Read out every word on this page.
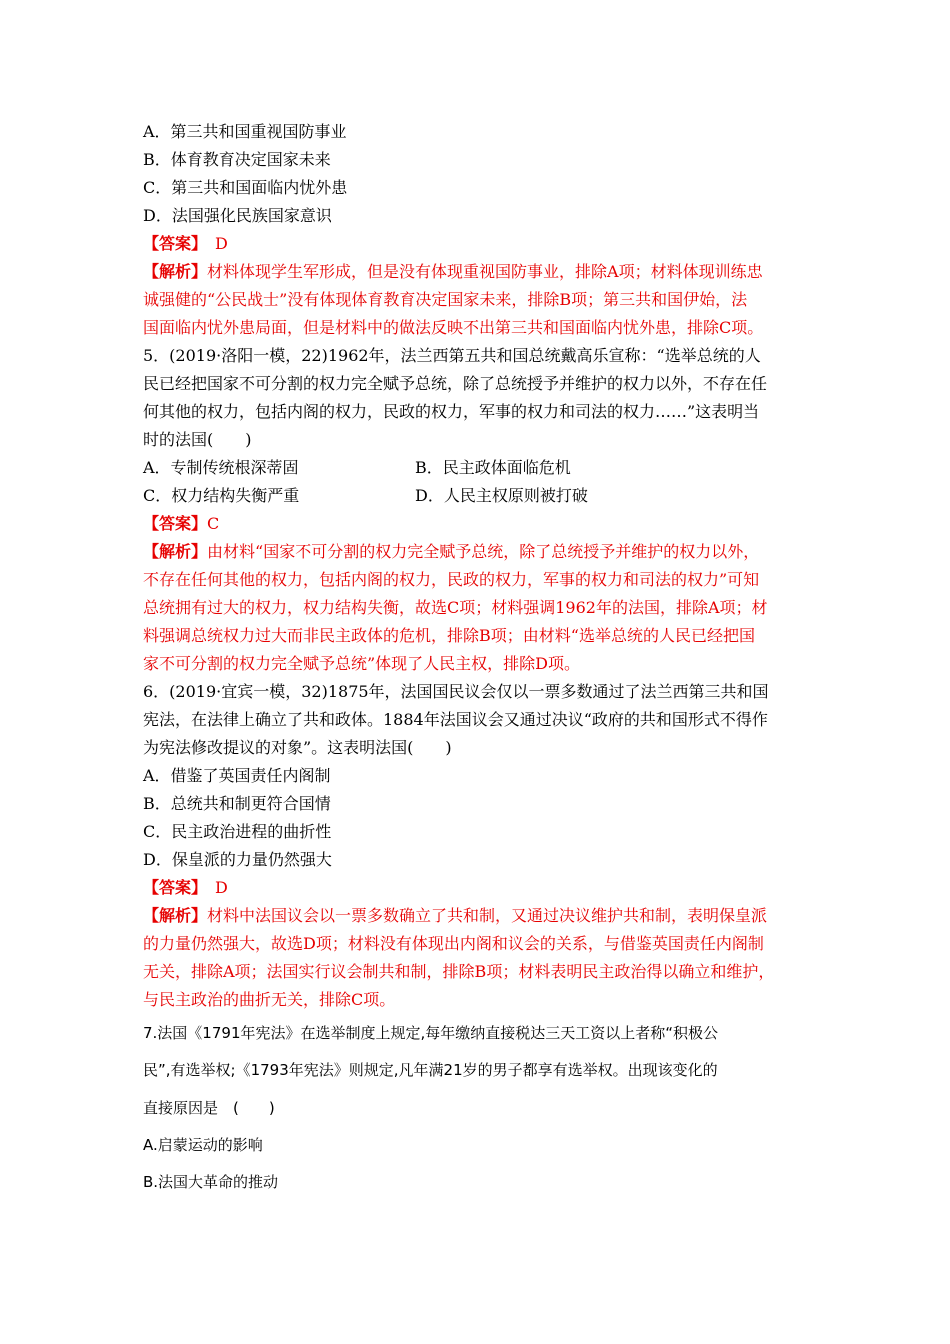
A．第三共和国重视国防事业
B．体育教育决定国家未来
C．第三共和国面临内忧外患
D．法国强化民族国家意识
【答案】　D
【解析】材料体现学生军形成，但是没有体现重视国防事业，排除A项；材料体现训练忠
诚强健的“公民战士”没有体现体育教育决定国家未来，排除B项；第三共和国伊始，法
国面临内忧外患局面，但是材料中的做法反映不出第三共和国面临内忧外患，排除C项。
5．(2019·洛阳一模，22)1962年，法兰西第五共和国总统戴高乐宣称：“选举总统的人
民已经把国家不可分割的权力完全赋予总统，除了总统授予并维护的权力以外，不存在任
何其他的权力，包括内阁的权力，民政的权力，军事的权力和司法的权力……”这表明当
时的法国(　　)
A．专制传统根深蒂固	B．民主政体面临危机
C．权力结构失衡严重	D．人民主权原则被打破
【答案】C
【解析】由材料“国家不可分割的权力完全赋予总统，除了总统授予并维护的权力以外，
不存在任何其他的权力，包括内阁的权力，民政的权力，军事的权力和司法的权力”可知
总统拥有过大的权力，权力结构失衡，故选C项；材料强调1962年的法国，排除A项；材
料强调总统权力过大而非民主政体的危机，排除B项；由材料“选举总统的人民已经把国
家不可分割的权力完全赋予总统”体现了人民主权，排除D项。
6．(2019·宜宾一模，32)1875年，法国国民议会仅以一票多数通过了法兰西第三共和国
宪法，在法律上确立了共和政体。1884年法国议会又通过决议“政府的共和国形式不得作
为宪法修改提议的对象”。这表明法国(　　)
A．借鉴了英国责任内阁制
B．总统共和制更符合国情
C．民主政治进程的曲折性
D．保皇派的力量仍然强大
【答案】　D
【解析】材料中法国议会以一票多数确立了共和制，又通过决议维护共和制，表明保皇派
的力量仍然强大，故选D项；材料没有体现出内阁和议会的关系，与借鉴英国责任内阁制
无关，排除A项；法国实行议会制共和制，排除B项；材料表明民主政治得以确立和维护，
与民主政治的曲折无关，排除C项。
7.法国《1791年宪法》在选举制度上规定,每年缴纳直接税达三天工资以上者称“积极公
民”,有选举权;《1793年宪法》则规定,凡年满21岁的男子都享有选举权。出现该变化的
直接原因是　(　　)
A.启蒙运动的影响
B.法国大革命的推动
